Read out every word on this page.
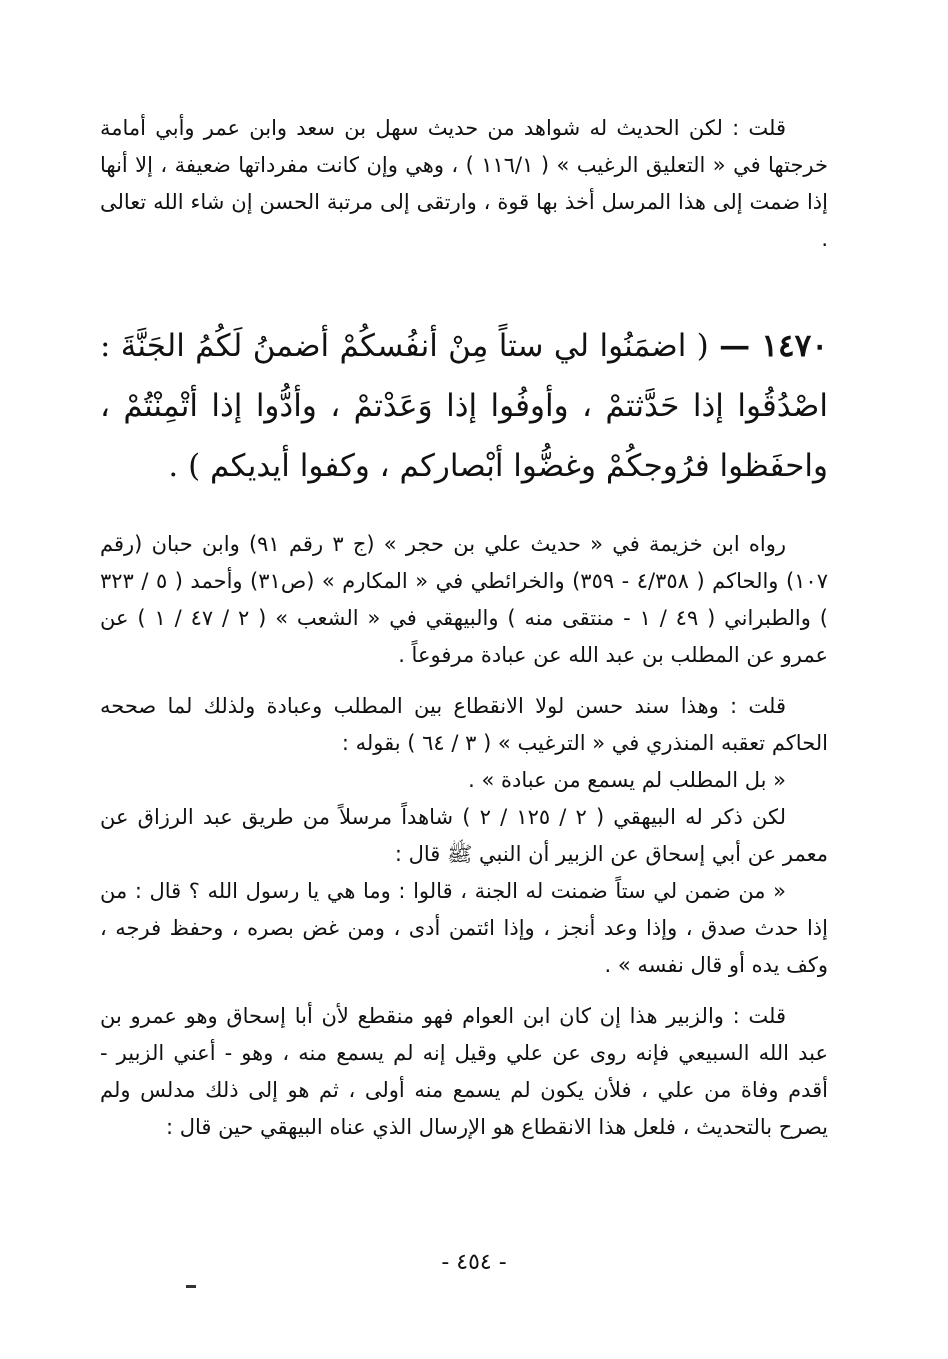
قلت : لكن الحديث له شواهد من حديث سهل بن سعد وابن عمر وأبي أمامة خرجتها في « التعليق الرغيب » ( ١١٦/١ ) ، وهي وإن كانت مفرداتها ضعيفة ، إلا أنها إذا ضمت إلى هذا المرسل أخذ بها قوة ، وارتقى إلى مرتبة الحسن إن شاء الله تعالى .
١٤٧٠ — ( اضمَنُوا لي ستاً مِنْ أنفُسكُمْ أضمنُ لَكُمُ الجَنَّةَ : اصْدُقُوا إذا حَدَّثتمْ ، وأوفُوا إذا وَعَدْتمْ ، وأدُّوا إذا أتْمِنْتُمْ ، واحفَظوا فرُوجكُمْ وغضُّوا أبْصاركم ، وكفوا أيديكم ) .
رواه ابن خزيمة في « حديث علي بن حجر » (ج ٣ رقم ٩١) وابن حبان (رقم ١٠٧) والحاكم ( ٤/٣٥٨ - ٣٥٩) والخرائطي في « المكارم » (ص٣١) وأحمد ( ٥ / ٣٢٣ ) والطبراني ( ٤٩ / ١ - منتقى منه ) والبيهقي في « الشعب » ( ٢ / ٤٧ / ١ ) عن عمرو عن المطلب بن عبد الله عن عبادة مرفوعاً .
قلت : وهذا سند حسن لولا الانقطاع بين المطلب وعبادة ولذلك لما صححه الحاكم تعقبه المنذري في « الترغيب » ( ٣ / ٦٤ ) بقوله :
« بل المطلب لم يسمع من عبادة » .
لكن ذكر له البيهقي ( ٢ / ١٢٥ / ٢ ) شاهداً مرسلاً من طريق عبد الرزاق عن معمر عن أبي إسحاق عن الزبير أن النبي ﷺ قال :
« من ضمن لي ستاً ضمنت له الجنة ، قالوا : وما هي يا رسول الله ؟ قال : من إذا حدث صدق ، وإذا وعد أنجز ، وإذا ائتمن أدى ، ومن غض بصره ، وحفظ فرجه ، وكف يده أو قال نفسه » .
قلت : والزبير هذا إن كان ابن العوام فهو منقطع لأن أبا إسحاق وهو عمرو بن عبد الله السبيعي فإنه روى عن علي وقيل إنه لم يسمع منه ، وهو - أعني الزبير - أقدم وفاة من علي ، فلأن يكون لم يسمع منه أولى ، ثم هو إلى ذلك مدلس ولم يصرح بالتحديث ، فلعل هذا الانقطاع هو الإرسال الذي عناه البيهقي حين قال :
- ٤٥٤ -
